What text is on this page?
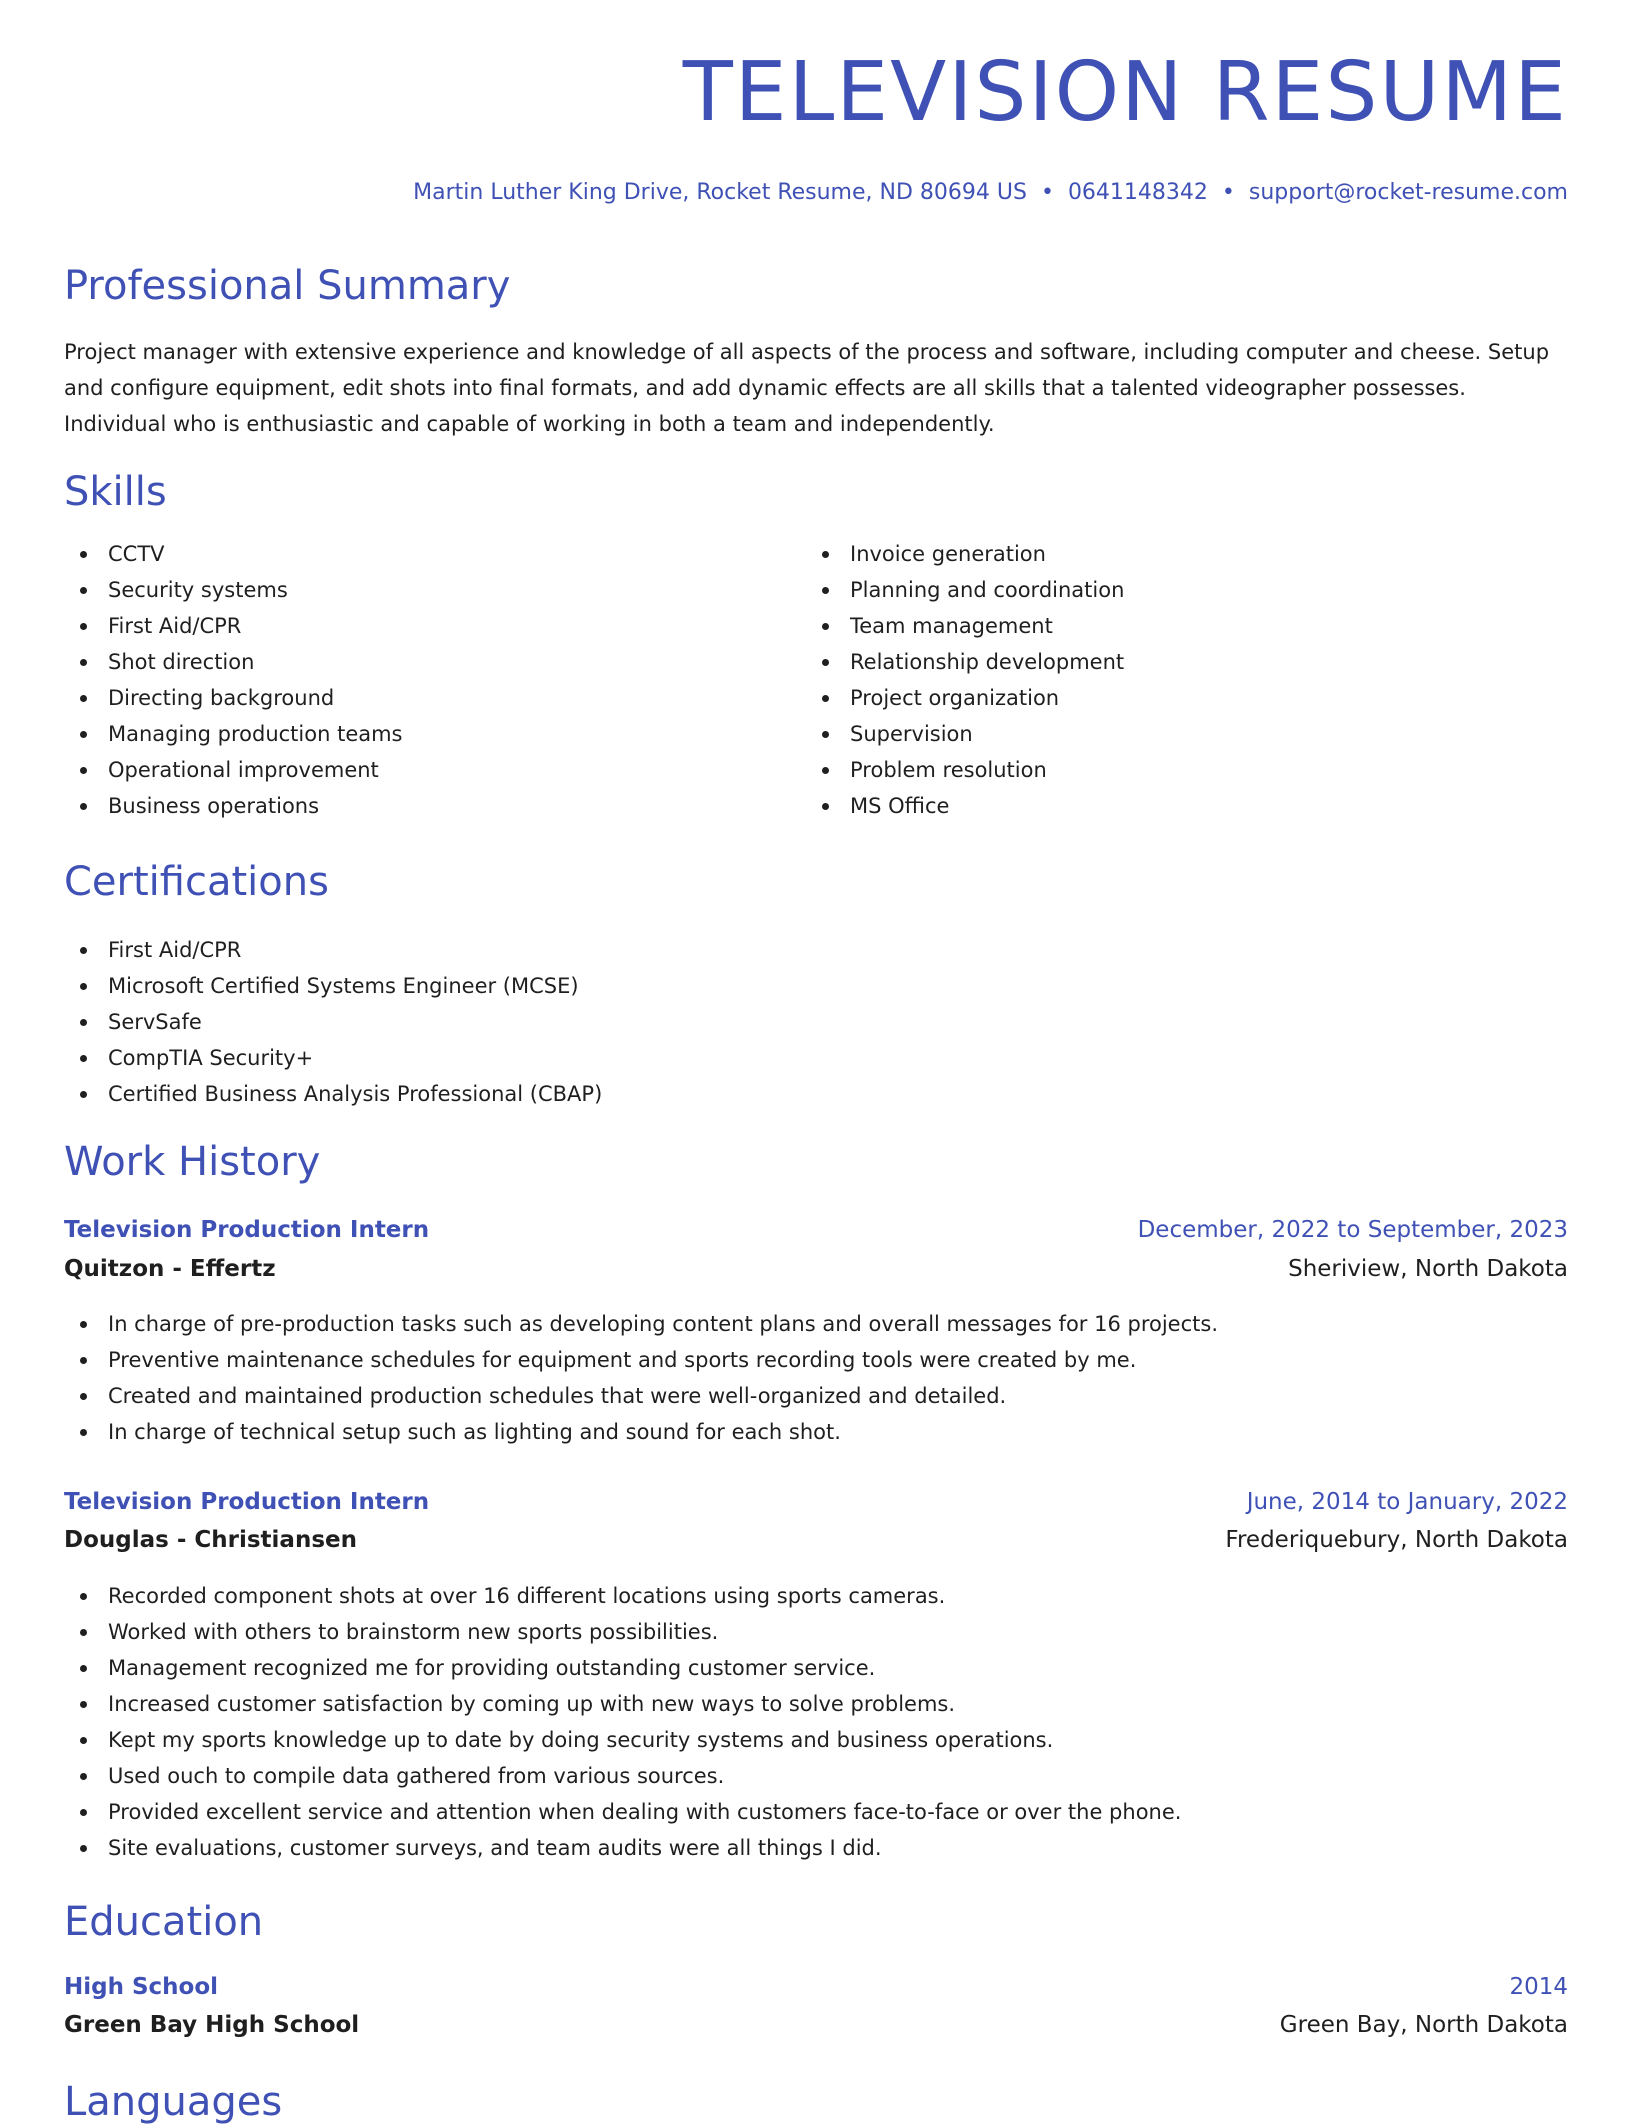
TELEVISION RESUME
Martin Luther King Drive, Rocket Resume, ND 80694 US • 0641148342 • support@rocket-resume.com
Professional Summary

Project manager with extensive experience and knowledge of all aspects of the process and software, including computer and cheese. Setup and configure equipment, edit shots into final formats, and add dynamic effects are all skills that a talented videographer possesses. Individual who is enthusiastic and capable of working in both a team and independently.

Skills
CCTV
Security systems
First Aid/CPR
Shot direction
Directing background
Managing production teams
Operational improvement
Business operations
Invoice generation
Planning and coordination
Team management
Relationship development
Project organization
Supervision
Problem resolution
MS Office
Certifications
First Aid/CPR
Microsoft Certified Systems Engineer (MCSE)
ServSafe
CompTIA Security+
Certified Business Analysis Professional (CBAP)
Work History
Television Production Intern	December, 2022 to September, 2023
Quitzon - Effertz	Sheriview, North Dakota
In charge of pre-production tasks such as developing content plans and overall messages for 16 projects.
Preventive maintenance schedules for equipment and sports recording tools were created by me.
Created and maintained production schedules that were well-organized and detailed.
In charge of technical setup such as lighting and sound for each shot.
Television Production Intern	June, 2014 to January, 2022
Douglas - Christiansen	Frederiquebury, North Dakota
Recorded component shots at over 16 different locations using sports cameras.
Worked with others to brainstorm new sports possibilities.
Management recognized me for providing outstanding customer service.
Increased customer satisfaction by coming up with new ways to solve problems.
Kept my sports knowledge up to date by doing security systems and business operations.
Used ouch to compile data gathered from various sources.
Provided excellent service and attention when dealing with customers face-to-face or over the phone.
Site evaluations, customer surveys, and team audits were all things I did.
Education
High School	2014
Green Bay High School	Green Bay, North Dakota
Languages
